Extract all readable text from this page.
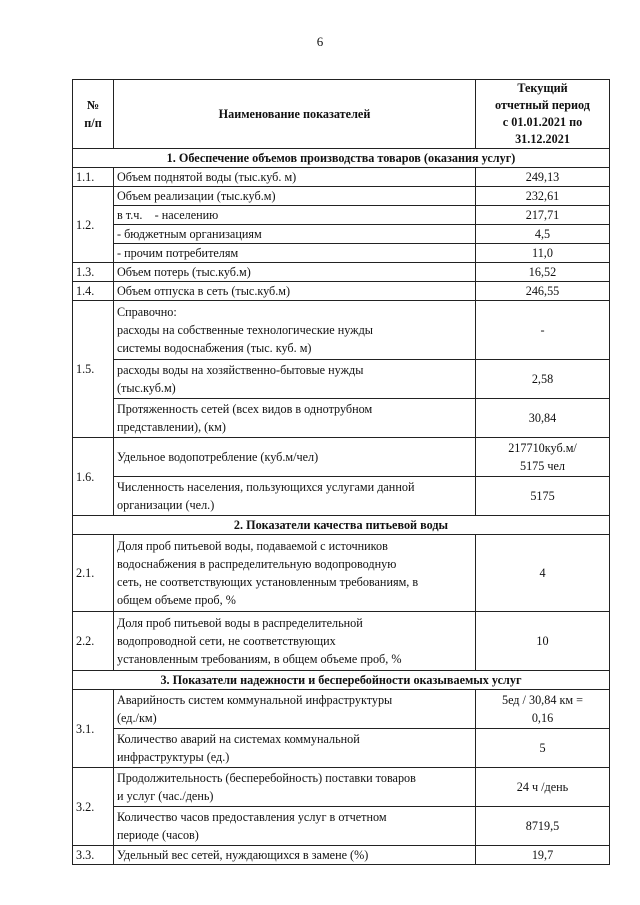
6
№
п/п	Наименование показателей	Текущий
отчетный период
с 01.01.2021 по
31.12.2021
1. Обеспечение объемов производства товаров (оказания услуг)		
1.1.	Объем поднятой воды (тыс.куб. м)	249,13
1.2.	Объем реализации (тыс.куб.м)	232,61
	в т.ч.    - населению	217,71
	- бюджетным организациям	4,5
	- прочим потребителям	11,0
1.3.	Объем потерь (тыс.куб.м)	16,52
1.4.	Объем отпуска в сеть (тыс.куб.м)	246,55
1.5.	Справочно:
расходы на собственные технологические нужды
системы водоснабжения (тыс. куб. м)	-
	расходы воды на хозяйственно-бытовые нужды
(тыс.куб.м)	2,58
	Протяженность сетей (всех видов в однотрубном
представлении), (км)	30,84
1.6.	Удельное водопотребление (куб.м/чел)	217710куб.м/
5175 чел
	Численность населения, пользующихся услугами данной
организации (чел.)	5175
2. Показатели качества питьевой воды		
2.1.	Доля проб питьевой воды, подаваемой с источников
водоснабжения в распределительную водопроводную
сеть, не соответствующих установленным требованиям, в
общем объеме проб, %	4
2.2.	Доля проб питьевой воды в распределительной
водопроводной сети, не соответствующих
установленным требованиям, в общем объеме проб, %	10
3. Показатели надежности и бесперебойности оказываемых услуг		
3.1.	Аварийность систем коммунальной инфраструктуры
(ед./км)	5ед / 30,84 км =
0,16
	Количество аварий на системах коммунальной
инфраструктуры (ед.)	5
3.2.	Продолжительность (бесперебойность) поставки товаров
и услуг (час./день)	24 ч /день
	Количество часов предоставления услуг в отчетном
периоде (часов)	8719,5
3.3.	Удельный вес сетей, нуждающихся в замене (%)	19,7
